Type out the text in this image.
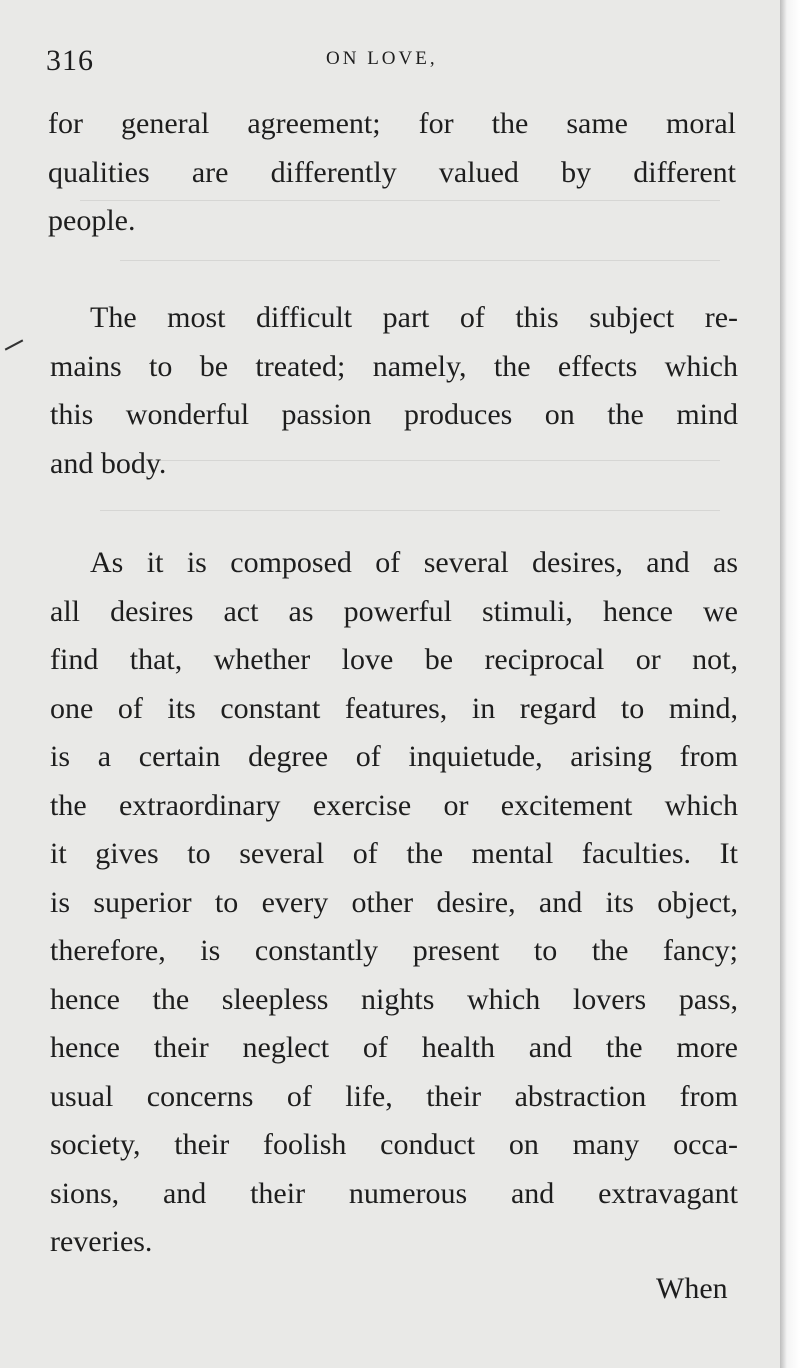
316	ON LOVE,
for general agreement; for the same moral
qualities are differently valued by different
people.
The most difficult part of this subject re-
mains to be treated; namely, the effects which
this wonderful passion produces on the mind
and body.
As it is composed of several desires, and as
all desires act as powerful stimuli, hence we
find that, whether love be reciprocal or not,
one of its constant features, in regard to mind,
is a certain degree of inquietude, arising from
the extraordinary exercise or excitement which
it gives to several of the mental faculties. It
is superior to every other desire, and its object,
therefore, is constantly present to the fancy;
hence the sleepless nights which lovers pass,
hence their neglect of health and the more
usual concerns of life, their abstraction from
society, their foolish conduct on many occa-
sions, and their numerous and extravagant
reveries.
When
